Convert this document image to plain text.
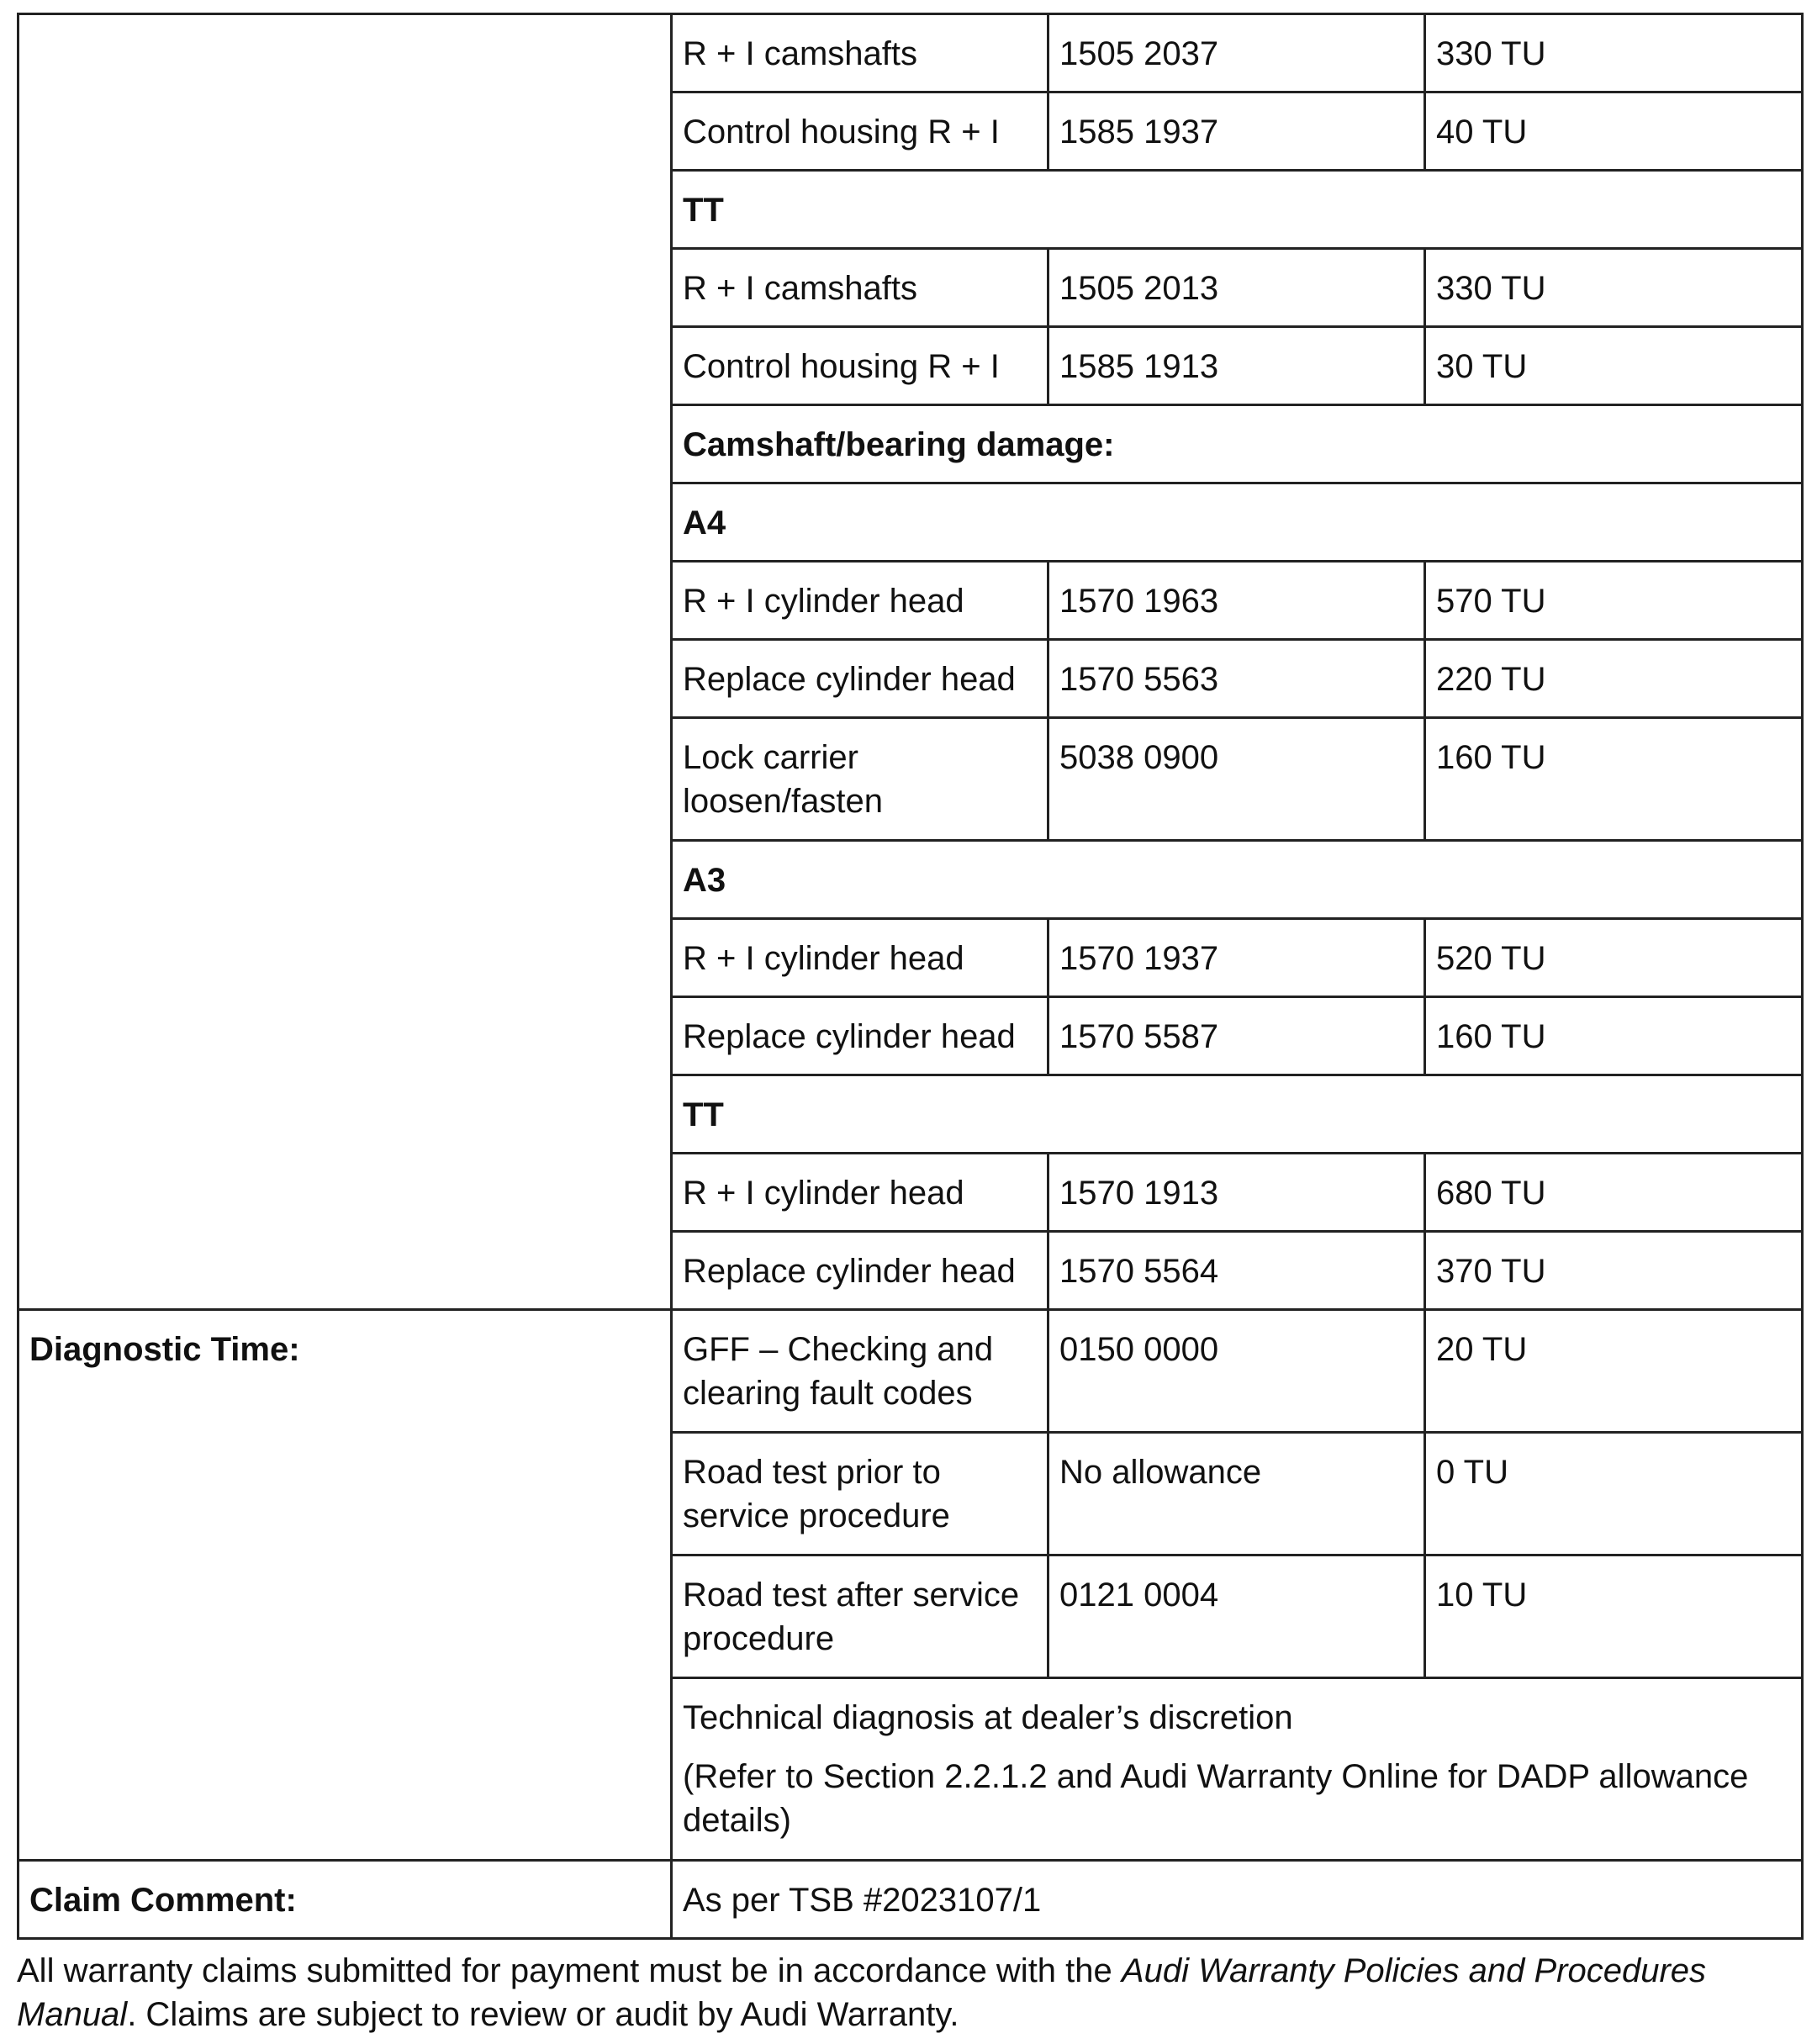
	R + I camshafts	1505 2037	330 TU
	Control housing R + I	1585 1937	40 TU
	TT		
	R + I camshafts	1505 2013	330 TU
	Control housing R + I	1585 1913	30 TU
	Camshaft/bearing damage:		
	A4		
	R + I cylinder head	1570 1963	570 TU
	Replace cylinder head	1570 5563	220 TU
	Lock carrier loosen/fasten	5038 0900	160 TU
	A3		
	R + I cylinder head	1570 1937	520 TU
	Replace cylinder head	1570 5587	160 TU
	TT		
	R + I cylinder head	1570 1913	680 TU
	Replace cylinder head	1570 5564	370 TU
Diagnostic Time:	GFF – Checking and clearing fault codes	0150 0000	20 TU
	Road test prior to service procedure	No allowance	0 TU
	Road test after service procedure	0121 0004	10 TU

	Technical diagnosis at dealer’s discretion
(Refer to Section 2.2.1.2 and Audi Warranty Online for DADP allowance details)		

Claim Comment:	As per TSB #2023107/1		
All warranty claims submitted for payment must be in accordance with the Audi Warranty Policies and Procedures Manual. Claims are subject to review or audit by Audi Warranty.
